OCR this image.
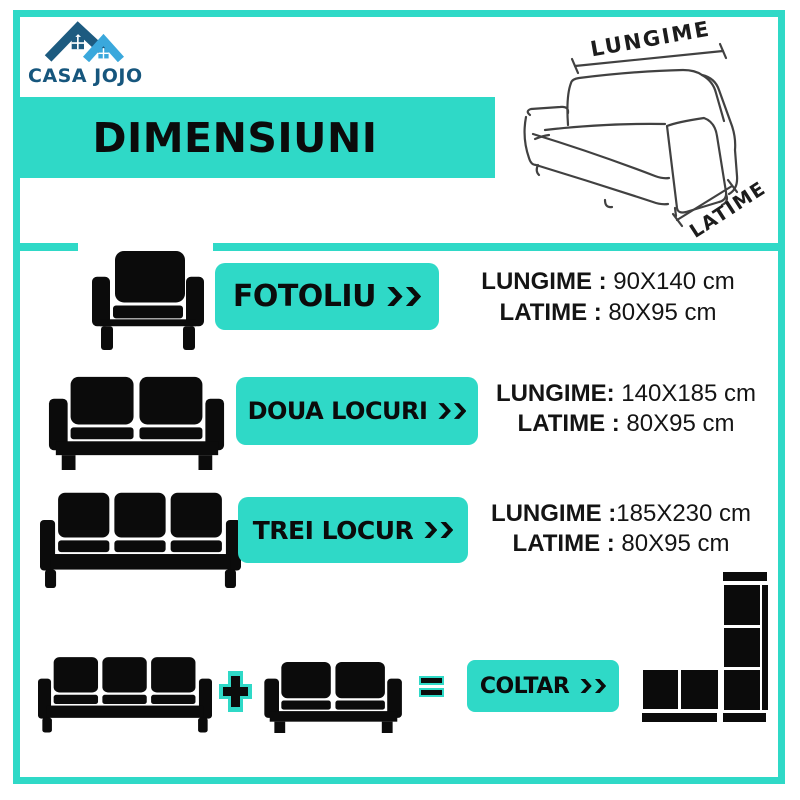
CASA JOJO
DIMENSIUNI
LUNGIME
LATIME
FOTOLIU	LUNGIME : 90X140 cm
LATIME : 80X95 cm
DOUA LOCURI
LUNGIME: 140X185 cm
LATIME : 80X95 cm
TREI LOCUR
LUNGIME :185X230 cm
LATIME : 80X95 cm
COLTAR
